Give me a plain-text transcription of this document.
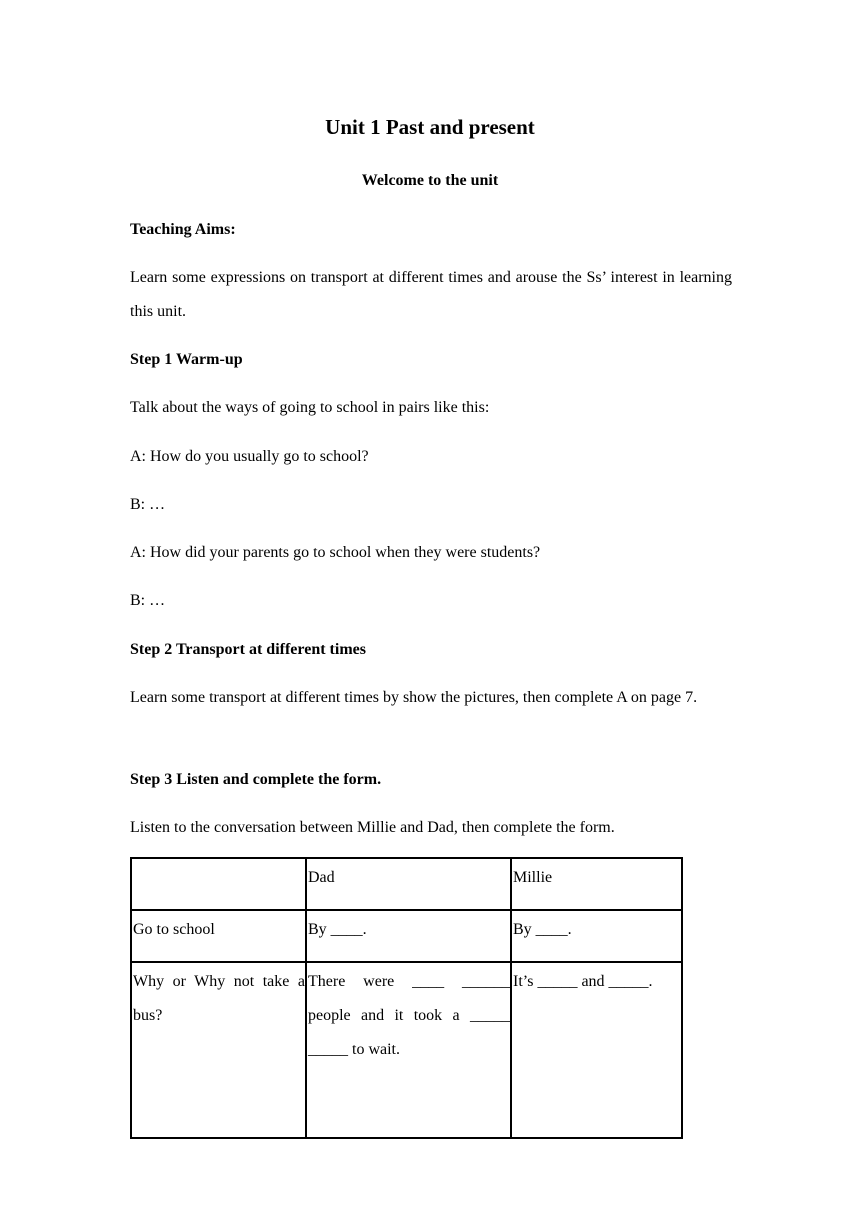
Unit 1 Past and present
Welcome to the unit
Teaching Aims:
Learn some expressions on transport at different times and arouse the Ss’ interest in learning this unit.
Step 1 Warm-up
Talk about the ways of going to school in pairs like this:
A: How do you usually go to school?
B: …
A: How did your parents go to school when they were students?
B: …
Step 2 Transport at different times
Learn some transport at different times by show the pictures, then complete A on page 7.
Step 3 Listen and complete the form.
Listen to the conversation between Millie and Dad, then complete the form.

	Dad	Millie

Go to school	By ____.	By ____.

Why or Why not take a bus?	There   were   ____   ______ people  and  it  took  a  _____ _____ to wait.	It’s _____ and _____.
